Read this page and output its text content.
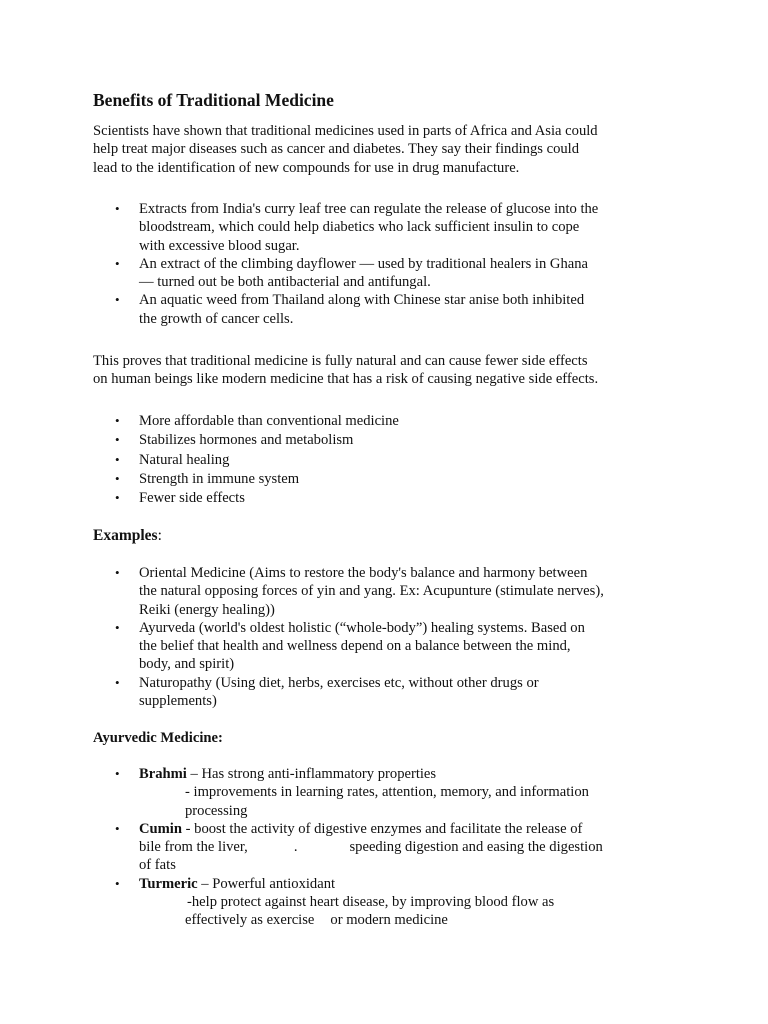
Benefits of Traditional Medicine
Scientists have shown that traditional medicines used in parts of Africa and Asia could
help treat major diseases such as cancer and diabetes. They say their findings could
lead to the identification of new compounds for use in drug manufacture.
• Extracts from India's curry leaf tree can regulate the release of glucose into the
bloodstream, which could help diabetics who lack sufficient insulin to cope
with excessive blood sugar.
• An extract of the climbing dayflower — used by traditional healers in Ghana
— turned out be both antibacterial and antifungal.
• An aquatic weed from Thailand along with Chinese star anise both inhibited
the growth of cancer cells.
This proves that traditional medicine is fully natural and can cause fewer side effects
on human beings like modern medicine that has a risk of causing negative side effects.
• More affordable than conventional medicine
• Stabilizes hormones and metabolism
• Natural healing
• Strength in immune system
• Fewer side effects
Examples:
• Oriental Medicine (Aims to restore the body's balance and harmony between
the natural opposing forces of yin and yang. Ex: Acupunture (stimulate nerves),
Reiki (energy healing))
• Ayurveda (world's oldest holistic (“whole-body”) healing systems. Based on
the belief that health and wellness depend on a balance between the mind,
body, and spirit)
• Naturopathy (Using diet, herbs, exercises etc, without other drugs or
supplements)
Ayurvedic Medicine:
• Brahmi – Has strong anti-inflammatory properties
- improvements in learning rates, attention, memory, and information
processing
• Cumin - boost the activity of digestive enzymes and facilitate the release of
bile from the liver,	.	speeding digestion and easing the digestion
of fats
• Turmeric – Powerful antioxidant
-help protect against heart disease, by improving blood flow as
effectively as exercise or modern medicine
